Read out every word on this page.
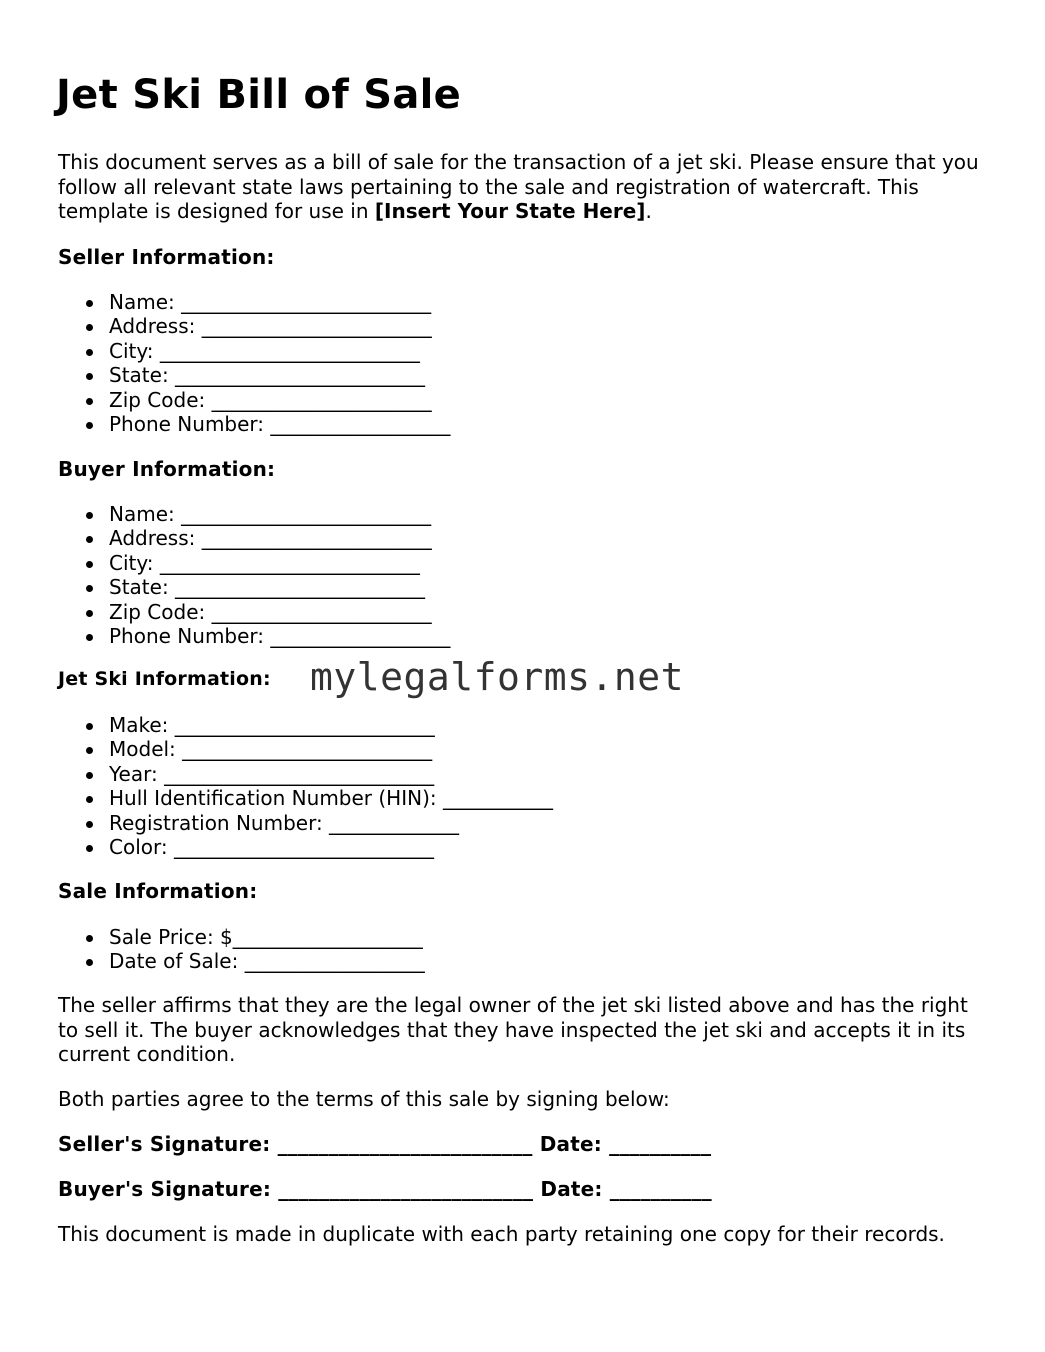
Jet Ski Bill of Sale

This document serves as a bill of sale for the transaction of a jet ski. Please ensure that you follow all relevant state laws pertaining to the sale and registration of watercraft. This template is designed for use in [Insert Your State Here].

Seller Information:

Name: _________________________
Address: _______________________
City: __________________________
State: _________________________
Zip Code: ______________________
Phone Number: __________________

Buyer Information:

Name: _________________________
Address: _______________________
City: __________________________
State: _________________________
Zip Code: ______________________
Phone Number: __________________

Jet Ski Information:

Make: __________________________
Model: _________________________
Year: ___________________________
Hull Identification Number (HIN): ___________
Registration Number: _____________
Color: __________________________

Sale Information:

Sale Price: $___________________
Date of Sale: __________________

The seller affirms that they are the legal owner of the jet ski listed above and has the right to sell it. The buyer acknowledges that they have inspected the jet ski and accepts it in its current condition.

Both parties agree to the terms of this sale by signing below:

Seller's Signature: _________________________ Date: __________

Buyer's Signature: _________________________ Date: __________

This document is made in duplicate with each party retaining one copy for their records.

mylegalforms.net
